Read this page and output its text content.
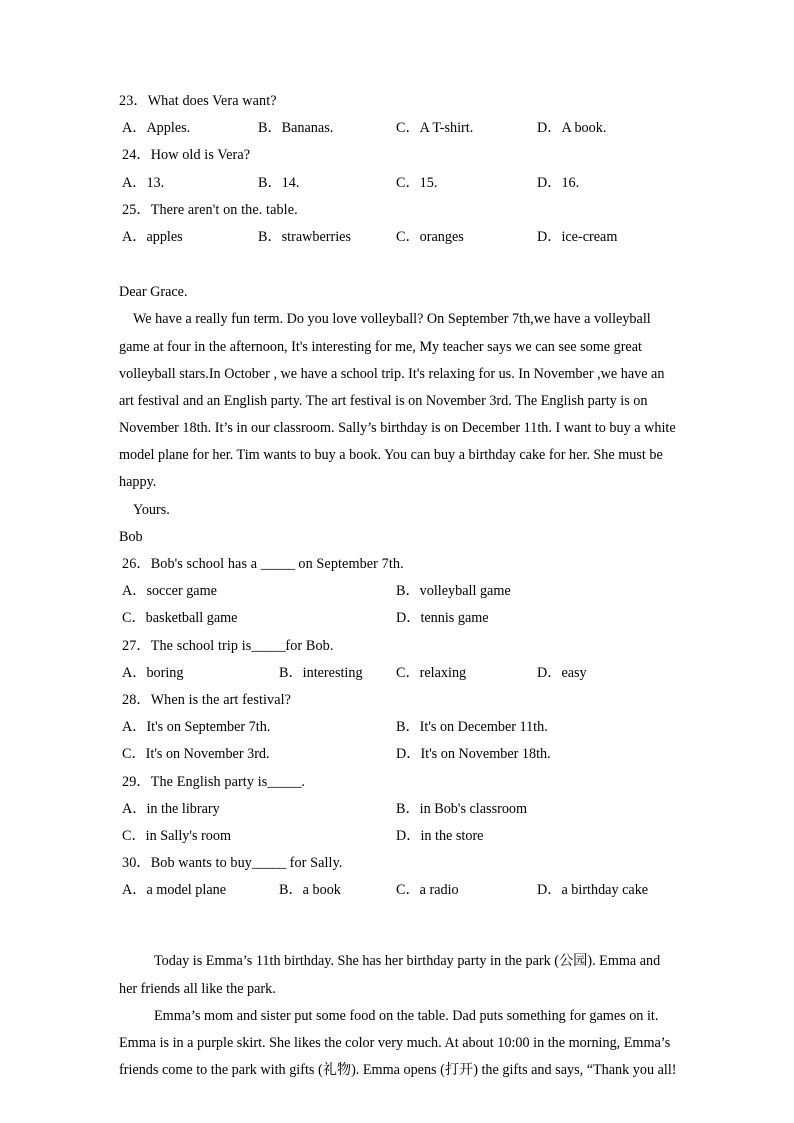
23．What does Vera want?
A．Apples.	B．Bananas.	C．A T-shirt.	D．A book.
24．How old is Vera?
A．13.	B．14.	C．15.	D．16.
25．There aren't on the. table.
A．apples	B．strawberries	C．oranges	D．ice-cream
Dear Grace.
We have a really fun term. Do you love volleyball? On September 7th,we have a volleyball
game at four in the afternoon, It's interesting for me, My teacher says we can see some great
volleyball stars.In October , we have a school trip. It's relaxing for us. In November ,we have an
art festival and an English party. The art festival is on November 3rd. The English party is on
November 18th. It’s in our classroom. Sally’s birthday is on December 11th. I want to buy a white
model plane for her. Tim wants to buy a book. You can buy a birthday cake for her. She must be
happy.
Yours.
Bob
26．Bob's school has a _____ on September 7th.
A．soccer game	B．volleyball game
C．basketball game	D．tennis game
27．The school trip is_____for Bob.
A．boring	B．interesting C．relaxing	D．easy
28．When is the art festival?
A．It's on September 7th.	B．It's on December 11th.
C．It's on November 3rd.	D．It's on November 18th.
29．The English party is_____.
A．in the library	B．in Bob's classroom
C．in Sally's room	D．in the store
30．Bob wants to buy_____ for Sally.
A．a model plane	B．a book	C．a radio	D．a birthday cake
Today is Emma’s 11th birthday. She has her birthday party in the park (公园). Emma and
her friends all like the park.
Emma’s mom and sister put some food on the table. Dad puts something for games on it.
Emma is in a purple skirt. She likes the color very much. At about 10:00 in the morning, Emma’s
friends come to the park with gifts (礼物). Emma opens (打开) the gifts and says, “Thank you all!
